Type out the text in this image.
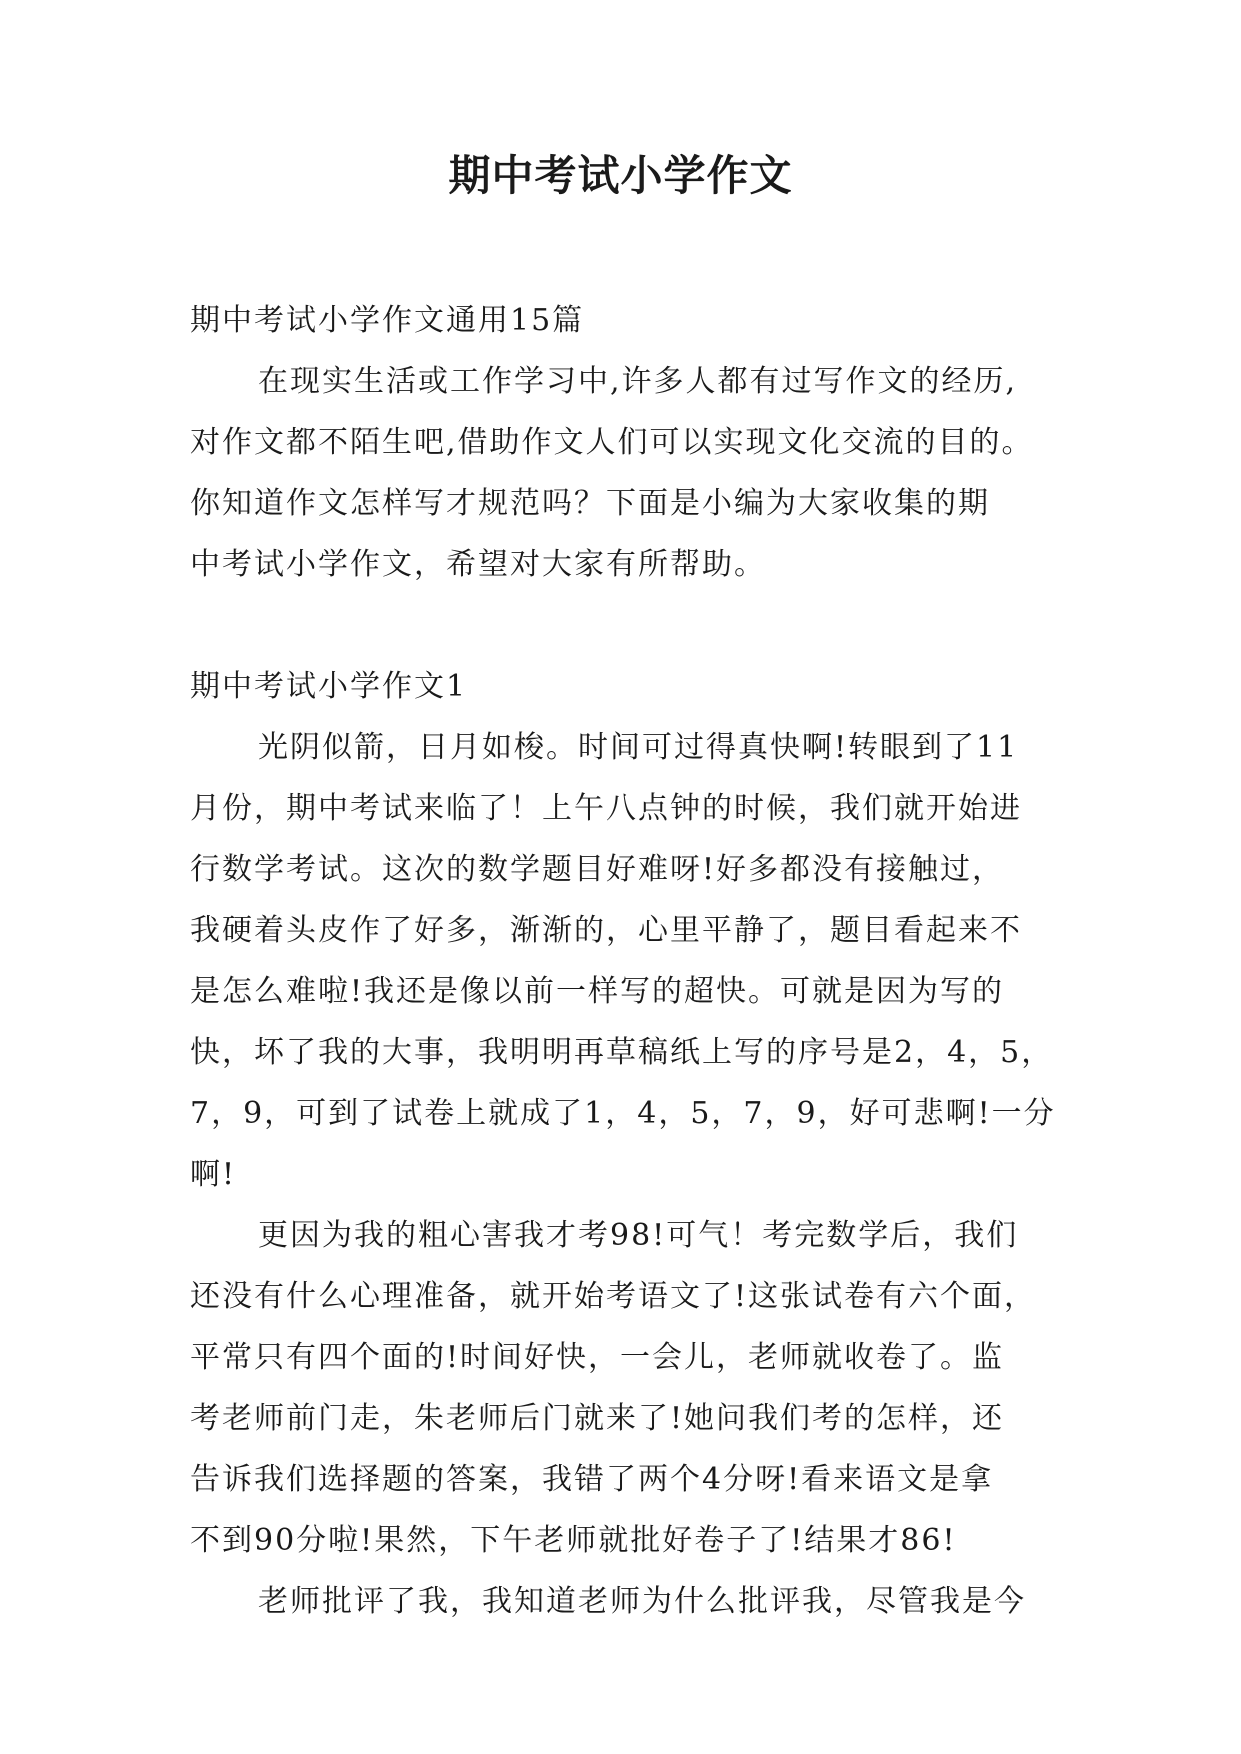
期中考试小学作文
期中考试小学作文通用15篇
在现实生活或工作学习中,许多人都有过写作文的经历,
对作文都不陌生吧,借助作文人们可以实现文化交流的目的。
你知道作文怎样写才规范吗？下面是小编为大家收集的期
中考试小学作文，希望对大家有所帮助。
期中考试小学作文1
光阴似箭，日月如梭。时间可过得真快啊!转眼到了11
月份，期中考试来临了！上午八点钟的时候，我们就开始进
行数学考试。这次的数学题目好难呀!好多都没有接触过，
我硬着头皮作了好多，渐渐的，心里平静了，题目看起来不
是怎么难啦!我还是像以前一样写的超快。可就是因为写的
快，坏了我的大事，我明明再草稿纸上写的序号是2，4，5，
7，9，可到了试卷上就成了1，4，5，7，9，好可悲啊!一分
啊!
更因为我的粗心害我才考98!可气！考完数学后，我们
还没有什么心理准备，就开始考语文了!这张试卷有六个面，
平常只有四个面的!时间好快，一会儿，老师就收卷了。监
考老师前门走，朱老师后门就来了!她问我们考的怎样，还
告诉我们选择题的答案，我错了两个4分呀!看来语文是拿
不到90分啦!果然，下午老师就批好卷子了!结果才86!
老师批评了我，我知道老师为什么批评我，尽管我是今
